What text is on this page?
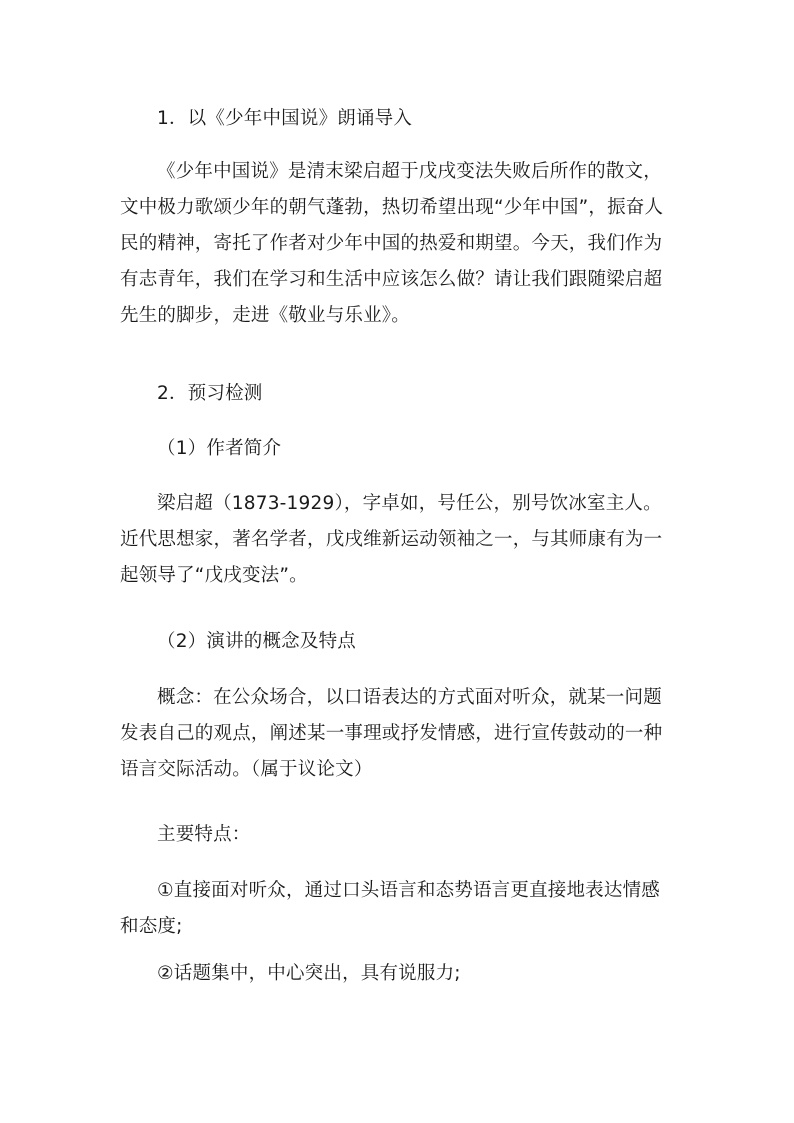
1．以《少年中国说》朗诵导入

《少年中国说》是清末梁启超于戊戌变法失败后所作的散文，文中极力歌颂少年的朝气蓬勃，热切希望出现“少年中国”，振奋人民的精神，寄托了作者对少年中国的热爱和期望。今天，我们作为有志青年，我们在学习和生活中应该怎么做？请让我们跟随梁启超先生的脚步，走进《敬业与乐业》。

2．预习检测

（1）作者简介

梁启超（1873-1929），字卓如，号任公，别号饮冰室主人。近代思想家，著名学者，戊戌维新运动领袖之一，与其师康有为一起领导了“戊戌变法”。

（2）演讲的概念及特点

概念：在公众场合，以口语表达的方式面对听众，就某一问题发表自己的观点，阐述某一事理或抒发情感，进行宣传鼓动的一种语言交际活动。（属于议论文）

主要特点：

①直接面对听众，通过口头语言和态势语言更直接地表达情感和态度;

②话题集中，中心突出，具有说服力;
